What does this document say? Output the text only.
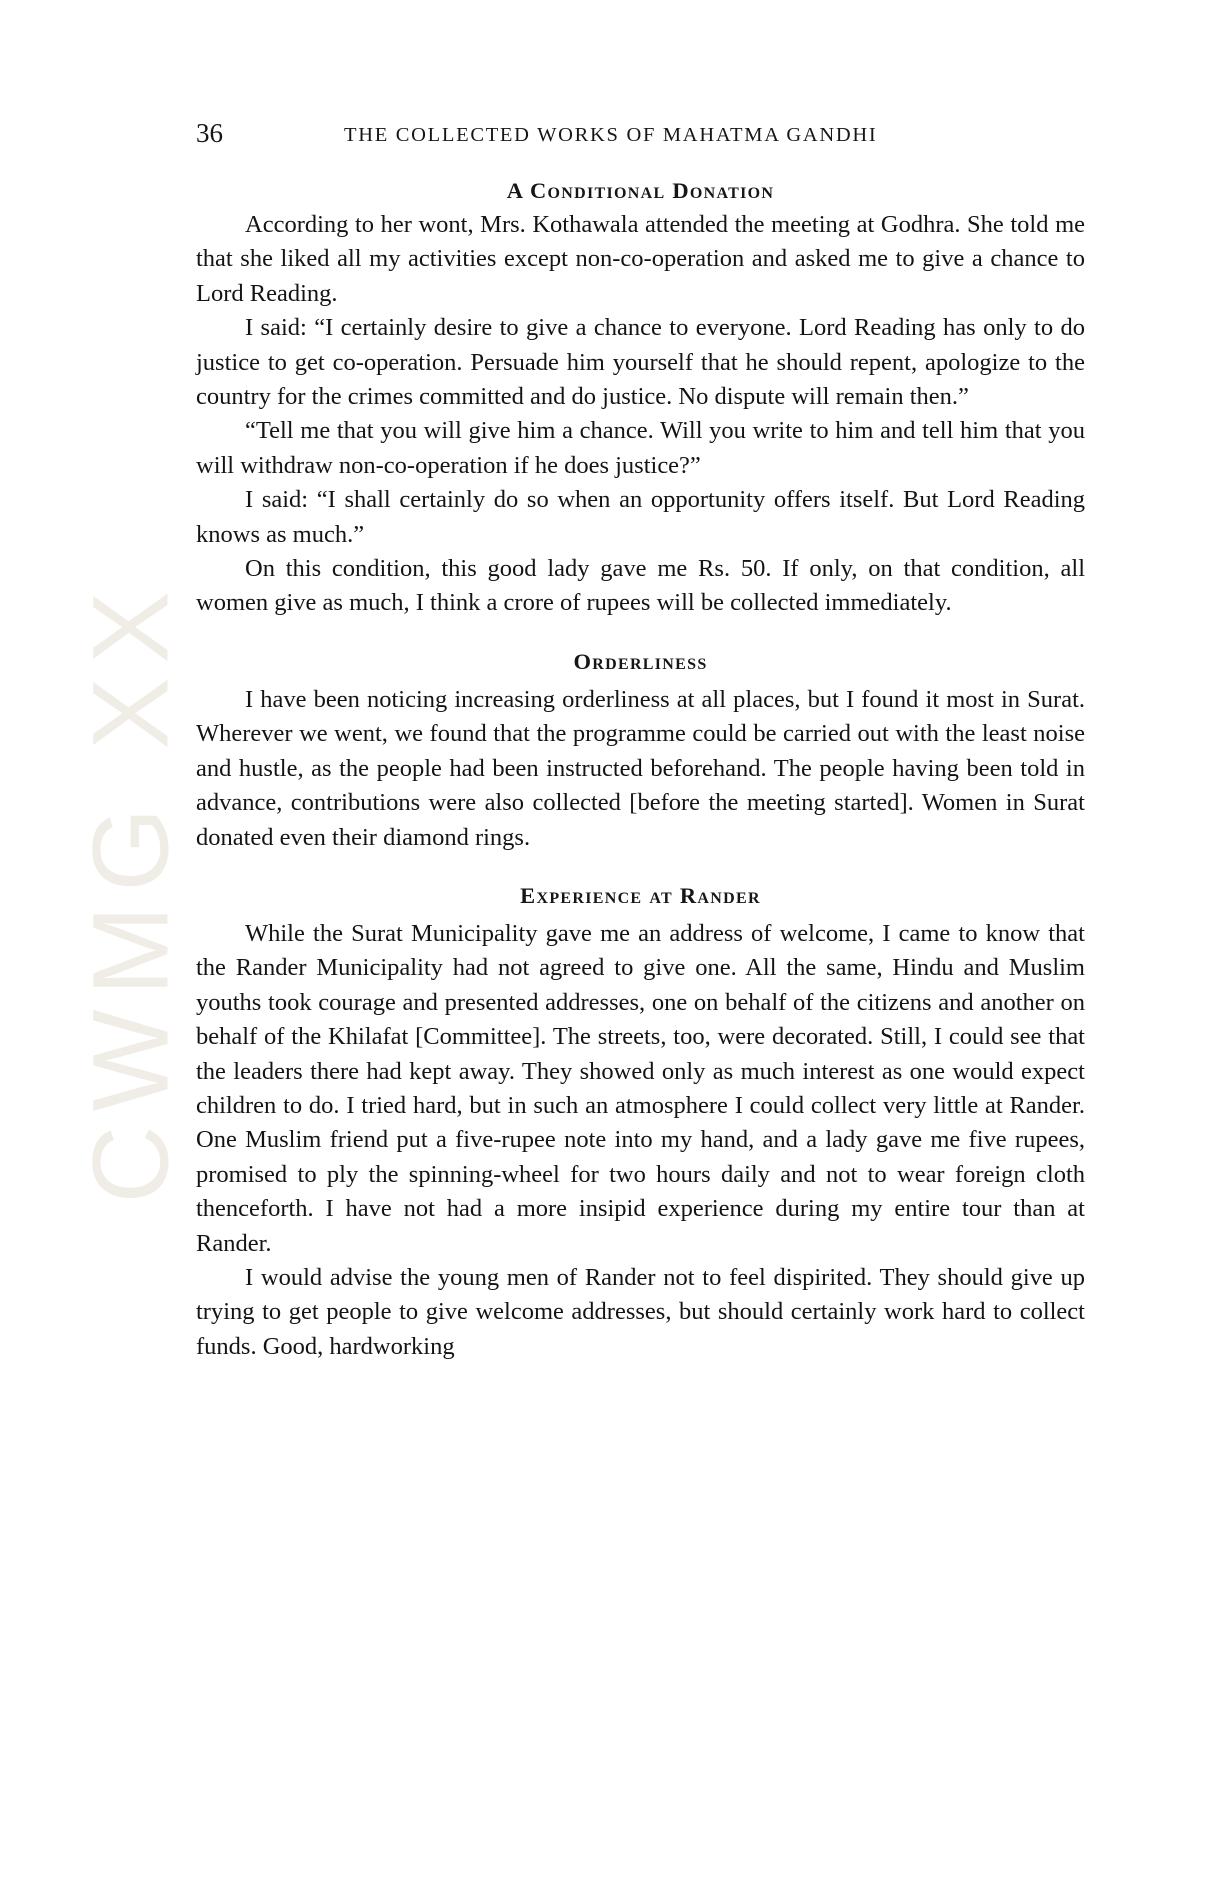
CWMG XX
36	THE COLLECTED WORKS OF MAHATMA GANDHI
A Conditional Donation

According to her wont, Mrs. Kothawala attended the meeting at Godhra. She told me that she liked all my activities except non-co-operation and asked me to give a chance to Lord Reading.

I said: “I certainly desire to give a chance to everyone. Lord Reading has only to do justice to get co-operation. Persuade him yourself that he should repent, apologize to the country for the crimes committed and do justice. No dispute will remain then.”

“Tell me that you will give him a chance. Will you write to him and tell him that you will withdraw non-co-operation if he does justice?”

I said: “I shall certainly do so when an opportunity offers itself. But Lord Reading knows as much.”

On this condition, this good lady gave me Rs. 50. If only, on that condition, all women give as much, I think a crore of rupees will be collected immediately.

Orderliness

I have been noticing increasing orderliness at all places, but I found it most in Surat. Wherever we went, we found that the programme could be carried out with the least noise and hustle, as the people had been instructed beforehand. The people having been told in advance, contributions were also collected [before the meeting started]. Women in Surat donated even their diamond rings.

Experience at Rander

While the Surat Municipality gave me an address of welcome, I came to know that the Rander Municipality had not agreed to give one. All the same, Hindu and Muslim youths took courage and presented addresses, one on behalf of the citizens and another on behalf of the Khilafat [Committee]. The streets, too, were decorated. Still, I could see that the leaders there had kept away. They showed only as much interest as one would expect children to do. I tried hard, but in such an atmosphere I could collect very little at Rander. One Muslim friend put a five-rupee note into my hand, and a lady gave me five rupees, promised to ply the spinning-wheel for two hours daily and not to wear foreign cloth thenceforth. I have not had a more insipid experience during my entire tour than at Rander.

I would advise the young men of Rander not to feel dispirited. They should give up trying to get people to give welcome addresses, but should certainly work hard to collect funds. Good, hardworking
